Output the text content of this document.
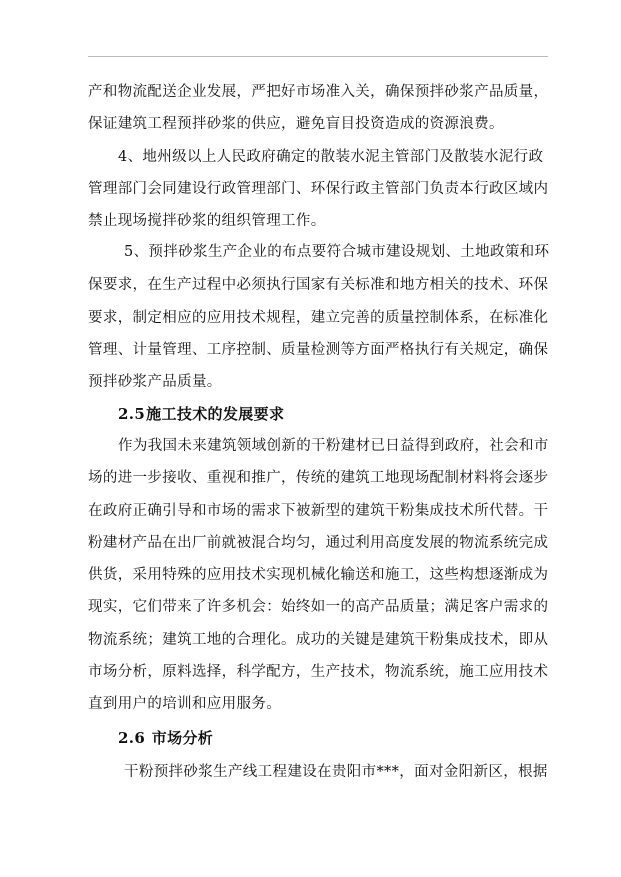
产和物流配送企业发展，严把好市场准入关，确保预拌砂浆产品质量，

保证建筑工程预拌砂浆的供应，避免盲目投资造成的资源浪费。

4、地州级以上人民政府确定的散装水泥主管部门及散装水泥行政

管理部门会同建设行政管理部门、环保行政主管部门负责本行政区域内

禁止现场搅拌砂浆的组织管理工作。

5、预拌砂浆生产企业的布点要符合城市建设规划、土地政策和环

保要求，在生产过程中必须执行国家有关标准和地方相关的技术、环保

要求，制定相应的应用技术规程，建立完善的质量控制体系，在标准化

管理、计量管理、工序控制、质量检测等方面严格执行有关规定，确保

预拌砂浆产品质量。

2.5施工技术的发展要求

作为我国未来建筑领域创新的干粉建材已日益得到政府，社会和市

场的进一步接收、重视和推广，传统的建筑工地现场配制材料将会逐步

在政府正确引导和市场的需求下被新型的建筑干粉集成技术所代替。干

粉建材产品在出厂前就被混合均匀，通过利用高度发展的物流系统完成

供货，采用特殊的应用技术实现机械化输送和施工，这些构想逐渐成为

现实，它们带来了许多机会：始终如一的高产品质量；满足客户需求的

物流系统；建筑工地的合理化。成功的关键是建筑干粉集成技术，即从

市场分析，原料选择，科学配方，生产技术，物流系统，施工应用技术

直到用户的培训和应用服务。

2.6 市场分析

干粉预拌砂浆生产线工程建设在贵阳市***，面对金阳新区，根据
